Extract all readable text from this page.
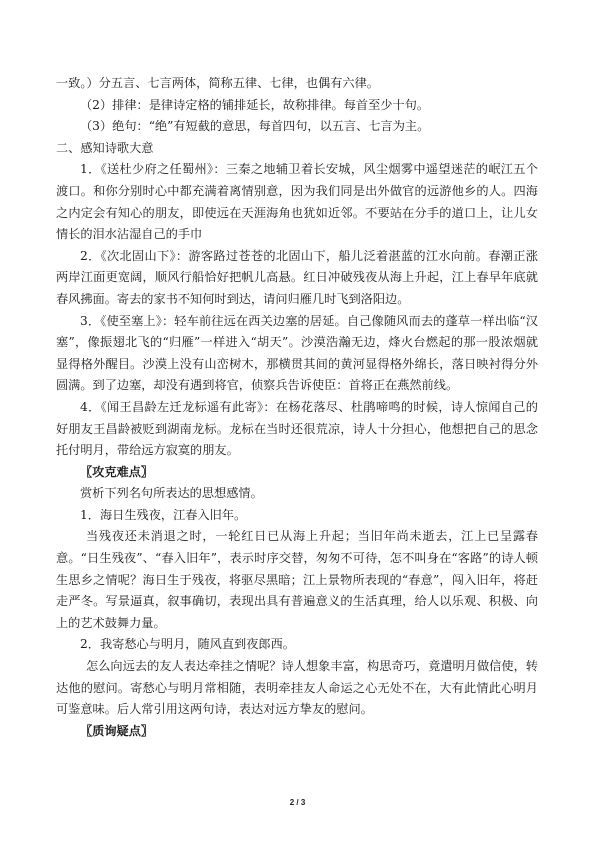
一致。）分五言、七言两体，简称五律、七律，也偶有六律。

（2）排律：是律诗定格的铺排延长，故称排律。每首至少十句。

（3）绝句：“绝”有短截的意思，每首四句，以五言、七言为主。

二、感知诗歌大意

1．《送杜少府之任蜀州》：三秦之地辅卫着长安城，风尘烟雾中遥望迷茫的岷江五个渡口。和你分别时心中都充满着离情别意，因为我们同是出外做官的远游他乡的人。四海之内定会有知心的朋友，即使远在天涯海角也犹如近邻。不要站在分手的道口上，让儿女情长的泪水沾湿自己的手巾

2．《次北固山下》：游客路过苍苍的北固山下，船儿泛着湛蓝的江水向前。春潮正涨两岸江面更宽阔，顺风行船恰好把帆儿高悬。红日冲破残夜从海上升起，江上春早年底就春风拂面。寄去的家书不知何时到达，请问归雁几时飞到洛阳边。

3．《使至塞上》：轻车前往远在西关边塞的居延。自己像随风而去的蓬草一样出临“汉塞”，像振翅北飞的“归雁”一样进入“胡天”。沙漠浩瀚无边，烽火台燃起的那一股浓烟就显得格外醒目。沙漠上没有山峦树木，那横贯其间的黄河显得格外绵长，落日映衬得分外圆满。到了边塞，却没有遇到将官，侦察兵告诉使臣：首将正在燕然前线。

4．《闻王昌龄左迁龙标遥有此寄》：在杨花落尽、杜鹃啼鸣的时候，诗人惊闻自己的好朋友王昌龄被贬到湖南龙标。龙标在当时还很荒凉，诗人十分担心，他想把自己的思念托付明月，带给远方寂寞的朋友。

〖攻克难点〗

赏析下列名句所表达的思想感情。

1．海日生残夜，江春入旧年。

当残夜还未消退之时，一轮红日已从海上升起；当旧年尚未逝去，江上已呈露春意。“日生残夜”、“春入旧年”，表示时序交替，匆匆不可待，怎不叫身在“客路”的诗人顿生思乡之情呢？海日生于残夜，将驱尽黑暗；江上景物所表现的“春意”，闯入旧年，将赶走严冬。写景逼真，叙事确切，表现出具有普遍意义的生活真理，给人以乐观、积极、向上的艺术鼓舞力量。

2．我寄愁心与明月，随风直到夜郎西。

怎么向远去的友人表达牵挂之情呢？诗人想象丰富，构思奇巧，竟遣明月做信使，转达他的慰问。寄愁心与明月常相随，表明牵挂友人命运之心无处不在，大有此情此心明月可鉴意味。后人常引用这两句诗，表达对远方挚友的慰问。

〖质询疑点〗

2 / 3
